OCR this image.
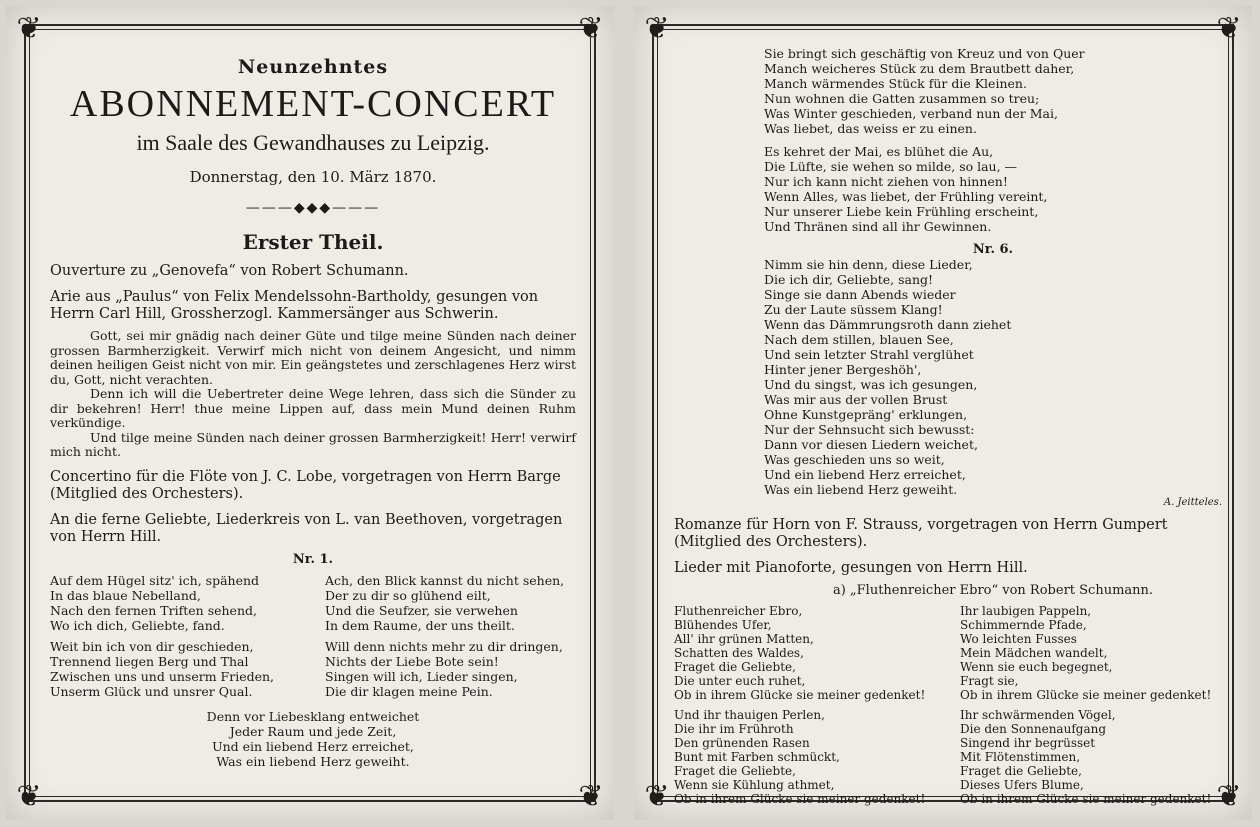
❦	❦
❦	❦
Neunzehntes
ABONNEMENT-CONCERT
im Saale des Gewandhauses zu Leipzig.
Donnerstag, den 10. März 1870.
———◆◆◆———
Erster Theil.
Ouverture zu „Genovefa“ von Robert Schumann.
Arie aus „Paulus“ von Felix Mendelssohn-Bartholdy, gesungen von Herrn Carl Hill, Grossherzogl. Kammersänger aus Schwerin.

Gott, sei mir gnädig nach deiner Güte und tilge meine Sünden nach deiner grossen Barmherzigkeit. Verwirf mich nicht von deinem Angesicht, und nimm deinen heiligen Geist nicht von mir. Ein geängstetes und zerschlagenes Herz wirst du, Gott, nicht verachten.

Denn ich will die Uebertreter deine Wege lehren, dass sich die Sünder zu dir bekehren! Herr! thue meine Lippen auf, dass mein Mund deinen Ruhm verkündige.

Und tilge meine Sünden nach deiner grossen Barmherzigkeit! Herr! verwirf mich nicht.

Concertino für die Flöte von J. C. Lobe, vorgetragen von Herrn Barge (Mitglied des Orchesters).
An die ferne Geliebte, Liederkreis von L. van Beethoven, vorgetragen von Herrn Hill.
Nr. 1.

Auf dem Hügel sitz' ich, spähend
In das blaue Nebelland,
Nach den fernen Triften sehend,
Wo ich dich, Geliebte, fand.

Weit bin ich von dir geschieden,
Trennend liegen Berg und Thal
Zwischen uns und unserm Frieden,
Unserm Glück und unsrer Qual.

Ach, den Blick kannst du nicht sehen,
Der zu dir so glühend eilt,
Und die Seufzer, sie verwehen
In dem Raume, der uns theilt.

Will denn nichts mehr zu dir dringen,
Nichts der Liebe Bote sein!
Singen will ich, Lieder singen,
Die dir klagen meine Pein.

Denn vor Liebesklang entweichet
Jeder Raum und jede Zeit,
Und ein liebend Herz erreichet,
Was ein liebend Herz geweiht.
❦	❦
❦	❦

Sie bringt sich geschäftig von Kreuz und von Quer
Manch weicheres Stück zu dem Brautbett daher,
Manch wärmendes Stück für die Kleinen.
Nun wohnen die Gatten zusammen so treu;
Was Winter geschieden, verband nun der Mai,
Was liebet, das weiss er zu einen.

Es kehret der Mai, es blühet die Au,
Die Lüfte, sie wehen so milde, so lau, —
Nur ich kann nicht ziehen von hinnen!
Wenn Alles, was liebet, der Frühling vereint,
Nur unserer Liebe kein Frühling erscheint,
Und Thränen sind all ihr Gewinnen.

Nr. 6.

Nimm sie hin denn, diese Lieder,
Die ich dir, Geliebte, sang!
Singe sie dann Abends wieder
Zu der Laute süssem Klang!
Wenn das Dämmrungsroth dann ziehet
Nach dem stillen, blauen See,
Und sein letzter Strahl verglühet
Hinter jener Bergeshöh',
Und du singst, was ich gesungen,
Was mir aus der vollen Brust
Ohne Kunstgepräng' erklungen,
Nur der Sehnsucht sich bewusst:
Dann vor diesen Liedern weichet,
Was geschieden uns so weit,
Und ein liebend Herz erreichet,
Was ein liebend Herz geweiht.

A. Jeitteles.
Romanze für Horn von F. Strauss, vorgetragen von Herrn Gumpert (Mitglied des Orchesters).
Lieder mit Pianoforte, gesungen von Herrn Hill.
a) „Fluthenreicher Ebro“ von Robert Schumann.

Fluthenreicher Ebro,
Blühendes Ufer,
All' ihr grünen Matten,
Schatten des Waldes,
Fraget die Geliebte,
Die unter euch ruhet,
Ob in ihrem Glücke sie meiner gedenket!

Und ihr thauigen Perlen,
Die ihr im Frühroth
Den grünenden Rasen
Bunt mit Farben schmückt,
Fraget die Geliebte,
Wenn sie Kühlung athmet,
Ob in ihrem Glücke sie meiner gedenket!

Ihr laubigen Pappeln,
Schimmernde Pfade,
Wo leichten Fusses
Mein Mädchen wandelt,
Wenn sie euch begegnet,
Fragt sie,
Ob in ihrem Glücke sie meiner gedenket!

Ihr schwärmenden Vögel,
Die den Sonnenaufgang
Singend ihr begrüsset
Mit Flötenstimmen,
Fraget die Geliebte,
Dieses Ufers Blume,
Ob in ihrem Glücke sie meiner gedenket!
